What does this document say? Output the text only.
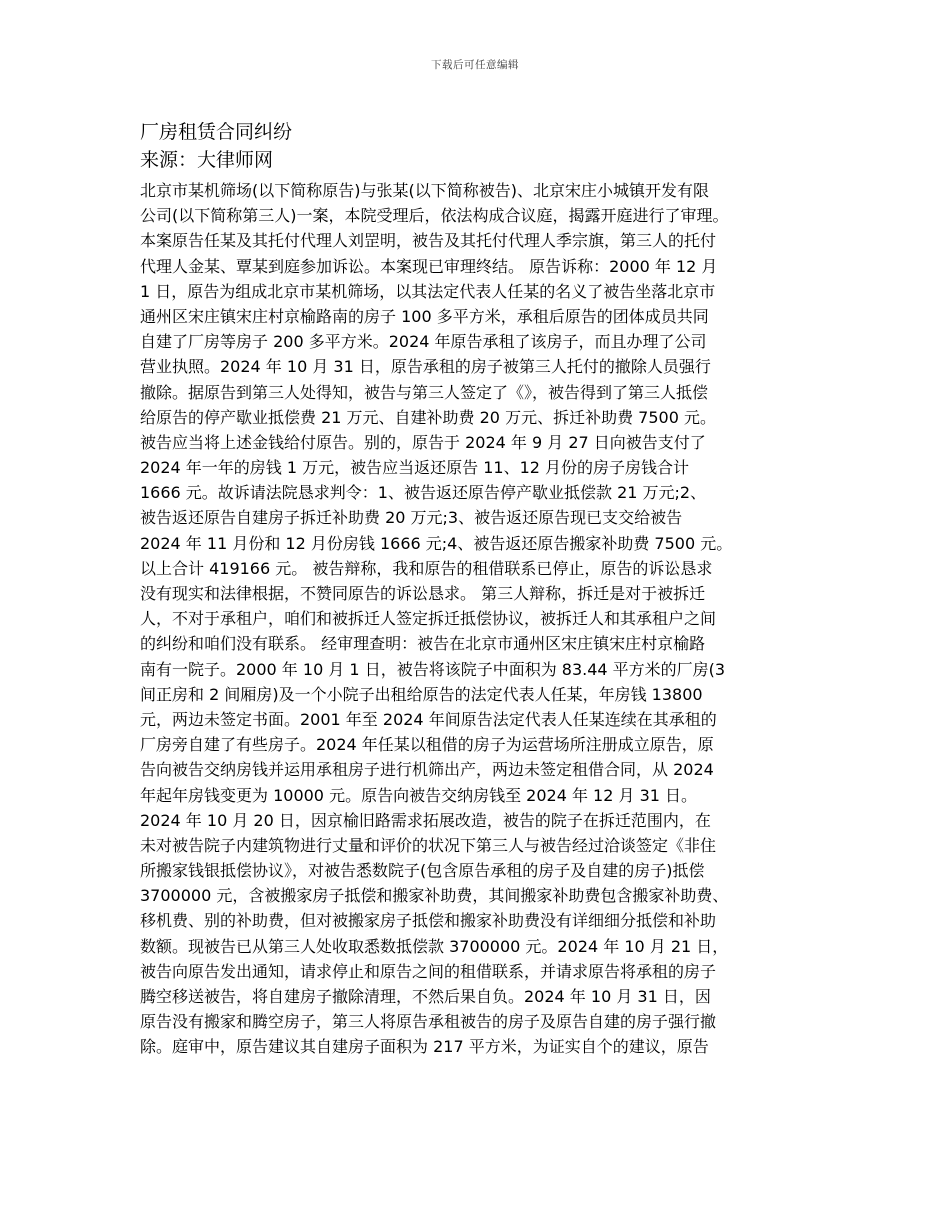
下载后可任意编辑
厂房租赁合同纠纷
来源：大律师网
北京市某机筛场(以下简称原告)与张某(以下简称被告)、北京宋庄小城镇开发有限
公司(以下简称第三人)一案，本院受理后，依法构成合议庭，揭露开庭进行了审理。
本案原告任某及其托付代理人刘罡明，被告及其托付代理人季宗旗，第三人的托付
代理人金某、覃某到庭参加诉讼。本案现已审理终结。 原告诉称：2000 年 12 月
1 日，原告为组成北京市某机筛场，以其法定代表人任某的名义了被告坐落北京市
通州区宋庄镇宋庄村京榆路南的房子 100 多平方米，承租后原告的团体成员共同
自建了厂房等房子 200 多平方米。2024 年原告承租了该房子，而且办理了公司
营业执照。2024 年 10 月 31 日，原告承租的房子被第三人托付的撤除人员强行
撤除。据原告到第三人处得知，被告与第三人签定了《》，被告得到了第三人抵偿
给原告的停产歇业抵偿费 21 万元、自建补助费 20 万元、拆迁补助费 7500 元。
被告应当将上述金钱给付原告。别的，原告于 2024 年 9 月 27 日向被告支付了
2024 年一年的房钱 1 万元，被告应当返还原告 11、12 月份的房子房钱合计
1666 元。故诉请法院恳求判令：1、被告返还原告停产歇业抵偿款 21 万元;2、
被告返还原告自建房子拆迁补助费 20 万元;3、被告返还原告现已支交给被告
2024 年 11 月份和 12 月份房钱 1666 元;4、被告返还原告搬家补助费 7500 元。
以上合计 419166 元。 被告辩称，我和原告的租借联系已停止，原告的诉讼恳求
没有现实和法律根据，不赞同原告的诉讼恳求。 第三人辩称，拆迁是对于被拆迁
人，不对于承租户，咱们和被拆迁人签定拆迁抵偿协议，被拆迁人和其承租户之间
的纠纷和咱们没有联系。 经审理查明：被告在北京市通州区宋庄镇宋庄村京榆路
南有一院子。2000 年 10 月 1 日，被告将该院子中面积为 83.44 平方米的厂房(3
间正房和 2 间厢房)及一个小院子出租给原告的法定代表人任某，年房钱 13800
元，两边未签定书面。2001 年至 2024 年间原告法定代表人任某连续在其承租的
厂房旁自建了有些房子。2024 年任某以租借的房子为运营场所注册成立原告，原
告向被告交纳房钱并运用承租房子进行机筛出产，两边未签定租借合同，从 2024
年起年房钱变更为 10000 元。原告向被告交纳房钱至 2024 年 12 月 31 日。
2024 年 10 月 20 日，因京榆旧路需求拓展改造，被告的院子在拆迁范围内，在
未对被告院子内建筑物进行丈量和评价的状况下第三人与被告经过洽谈签定《非住
所搬家钱银抵偿协议》，对被告悉数院子(包含原告承租的房子及自建的房子)抵偿
3700000 元，含被搬家房子抵偿和搬家补助费，其间搬家补助费包含搬家补助费、
移机费、别的补助费，但对被搬家房子抵偿和搬家补助费没有详细细分抵偿和补助
数额。现被告已从第三人处收取悉数抵偿款 3700000 元。2024 年 10 月 21 日，
被告向原告发出通知，请求停止和原告之间的租借联系，并请求原告将承租的房子
腾空移送被告，将自建房子撤除清理，不然后果自负。2024 年 10 月 31 日，因
原告没有搬家和腾空房子，第三人将原告承租被告的房子及原告自建的房子强行撤
除。庭审中，原告建议其自建房子面积为 217 平方米，为证实自个的建议，原告
